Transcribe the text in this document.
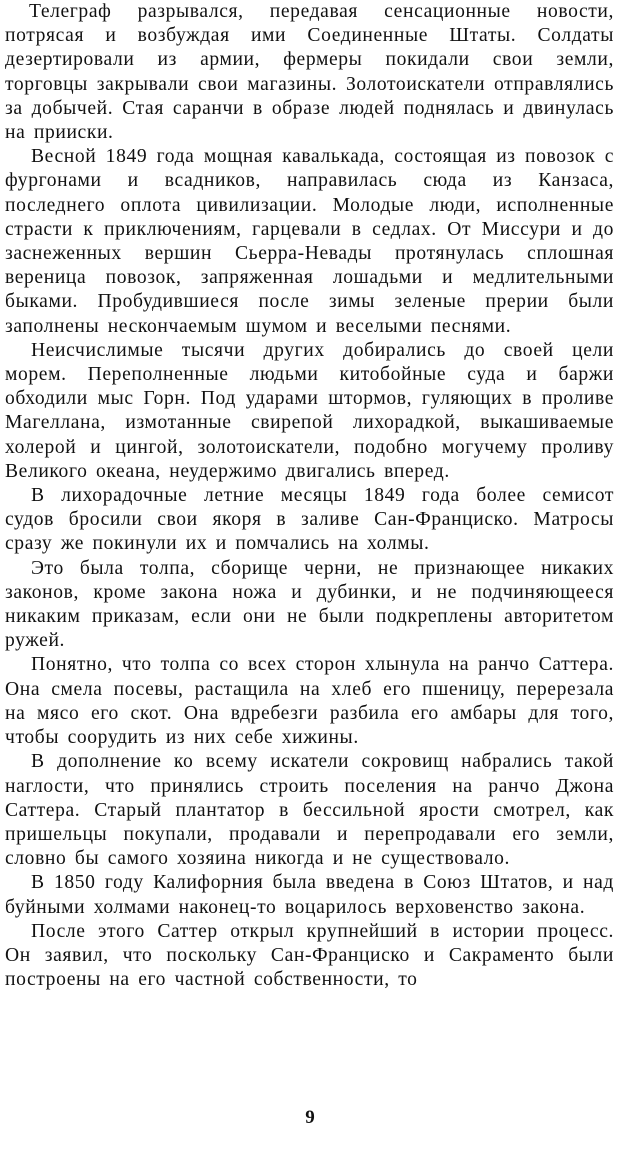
Телеграф разрывался, передавая сенсационные новости, потрясая и возбуждая ими Соединенные Штаты. Солдаты дезертировали из армии, фермеры покидали свои земли, торговцы закрывали свои магазины. Золотоискатели отправлялись за добычей. Стая саранчи в образе людей поднялась и двинулась на прииски.

Весной 1849 года мощная кавалькада, состоящая из повозок с фургонами и всадников, направилась сюда из Канзаса, последнего оплота цивилизации. Молодые люди, исполненные страсти к приключениям, гарцевали в седлах. От Миссури и до заснеженных вершин Сьерра-Невады протянулась сплошная вереница повозок, запряженная лошадьми и медлительными быками. Пробудившиеся после зимы зеленые прерии были заполнены нескончаемым шумом и веселыми песнями.

Неисчислимые тысячи других добирались до своей цели морем. Переполненные людьми китобойные суда и баржи обходили мыс Горн. Под ударами штормов, гуляющих в проливе Магеллана, измотанные свирепой лихорадкой, выкашиваемые холерой и цингой, золотоискатели, подобно могучему проливу Великого океана, неудержимо двигались вперед.

В лихорадочные летние месяцы 1849 года более семисот судов бросили свои якоря в заливе Сан-Франциско. Матросы сразу же покинули их и помчались на холмы.

Это была толпа, сборище черни, не признающее никаких законов, кроме закона ножа и дубинки, и не подчиняющееся никаким приказам, если они не были подкреплены авторитетом ружей.

Понятно, что толпа со всех сторон хлынула на ранчо Саттера. Она смела посевы, растащила на хлеб его пшеницу, перерезала на мясо его скот. Она вдребезги разбила его амбары для того, чтобы соорудить из них себе хижины.

В дополнение ко всему искатели сокровищ набрались такой наглости, что принялись строить поселения на ранчо Джона Саттера. Старый плантатор в бессильной ярости смотрел, как пришельцы покупали, продавали и перепродавали его земли, словно бы самого хозяина никогда и не существовало.

В 1850 году Калифорния была введена в Союз Штатов, и над буйными холмами наконец-то воцарилось верховенство закона.

После этого Саттер открыл крупнейший в истории процесс. Он заявил, что поскольку Сан-Франциско и Сакраменто были построены на его частной собственности, то

9
